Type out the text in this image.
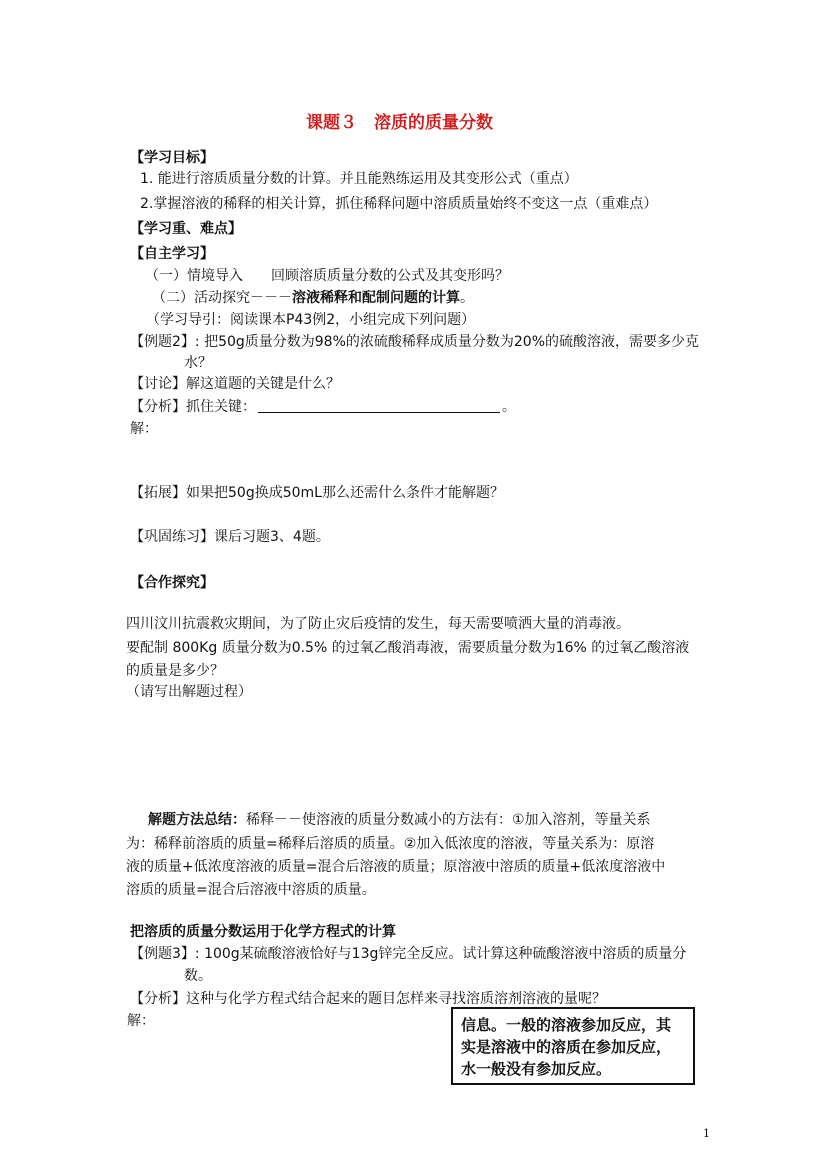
课题３　溶质的质量分数
【学习目标】
1. 能进行溶质质量分数的计算。并且能熟练运用及其变形公式（重点）
2.掌握溶液的稀释的相关计算，抓住稀释问题中溶质质量始终不变这一点（重难点）
【学习重、难点】
【自主学习】
（一）情境导入　　回顾溶质质量分数的公式及其变形吗？
（二）活动探究－－－溶液稀释和配制问题的计算。
（学习导引：阅读课本P43例2，小组完成下列问题）
【例题2】: 把50g质量分数为98%的浓硫酸稀释成质量分数为20%的硫酸溶液，需要多少克
水？
【讨论】解这道题的关键是什么？
【分析】抓住关键：	。
解：
【拓展】如果把50g换成50mL那么还需什么条件才能解题？
【巩固练习】课后习题3、4题。
【合作探究】
四川汶川抗震救灾期间，为了防止灾后疫情的发生，每天需要喷洒大量的消毒液。
要配制 800Kg 质量分数为0.5% 的过氧乙酸消毒液，需要质量分数为16% 的过氧乙酸溶液
的质量是多少？
（请写出解题过程）
解题方法总结：稀释－－使溶液的质量分数减小的方法有：①加入溶剂，等量关系
为：稀释前溶质的质量=稀释后溶质的质量。②加入低浓度的溶液，等量关系为：原溶
液的质量+低浓度溶液的质量=混合后溶液的质量；原溶液中溶质的质量+低浓度溶液中
溶质的质量=混合后溶液中溶质的质量。
把溶质的质量分数运用于化学方程式的计算
【例题3】: 100g某硫酸溶液恰好与13g锌完全反应。试计算这种硫酸溶液中溶质的质量分
数。
【分析】这种与化学方程式结合起来的题目怎样来寻找溶质溶剂溶液的量呢？
解：	信息。一般的溶液参加反应，其实是溶液中的溶质在参加反应，水一般没有参加反应。
1
